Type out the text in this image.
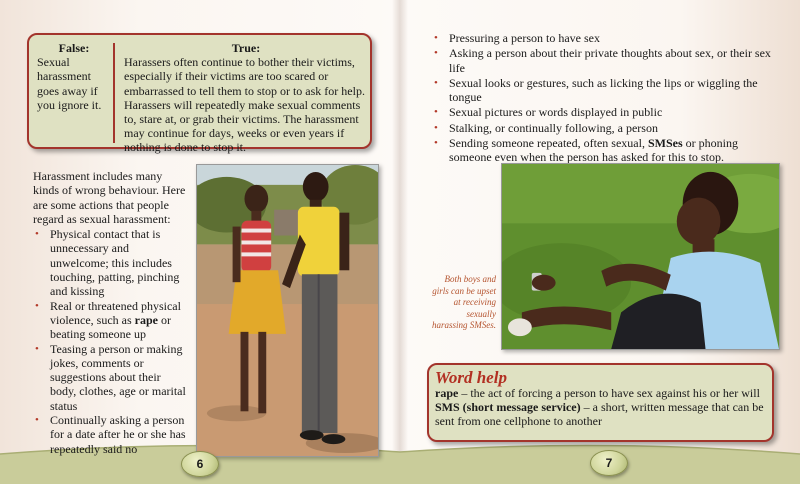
False:
Sexual harassment goes away if you ignore it.
True:
Harassers often continue to bother their victims, especially if their victims are too scared or embarrassed to tell them to stop or to ask for help. Harassers will repeatedly make sexual comments to, stare at, or grab their victims. The harassment may continue for days, weeks or even years if nothing is done to stop it.

Harassment includes many kinds of wrong behaviour. Here are some actions that people regard as sexual harassment:

• Physical contact that is unnecessary and unwelcome; this includes touching, patting, pinching and kissing
• Real or threatened physical violence, such as rape or beating someone up
• Teasing a person or making jokes, comments or suggestions about their body, clothes, age or marital status
• Continually asking a person for a date after he or she has repeatedly said no
6
• Pressuring a person to have sex
• Asking a person about their private thoughts about sex, or their sex life
• Sexual looks or gestures, such as licking the lips or wiggling the tongue
• Sexual pictures or words displayed in public
• Stalking, or continually following, a person
• Sending someone repeated, often sexual, SMSes or phoning someone even when the person has asked for this to stop.
Both boys and girls can be upset at receiving sexually harassing SMSes.
Word help
rape – the act of forcing a person to have sex against his or her will
SMS (short message service) – a short, written message that can be sent from one cellphone to another
7
